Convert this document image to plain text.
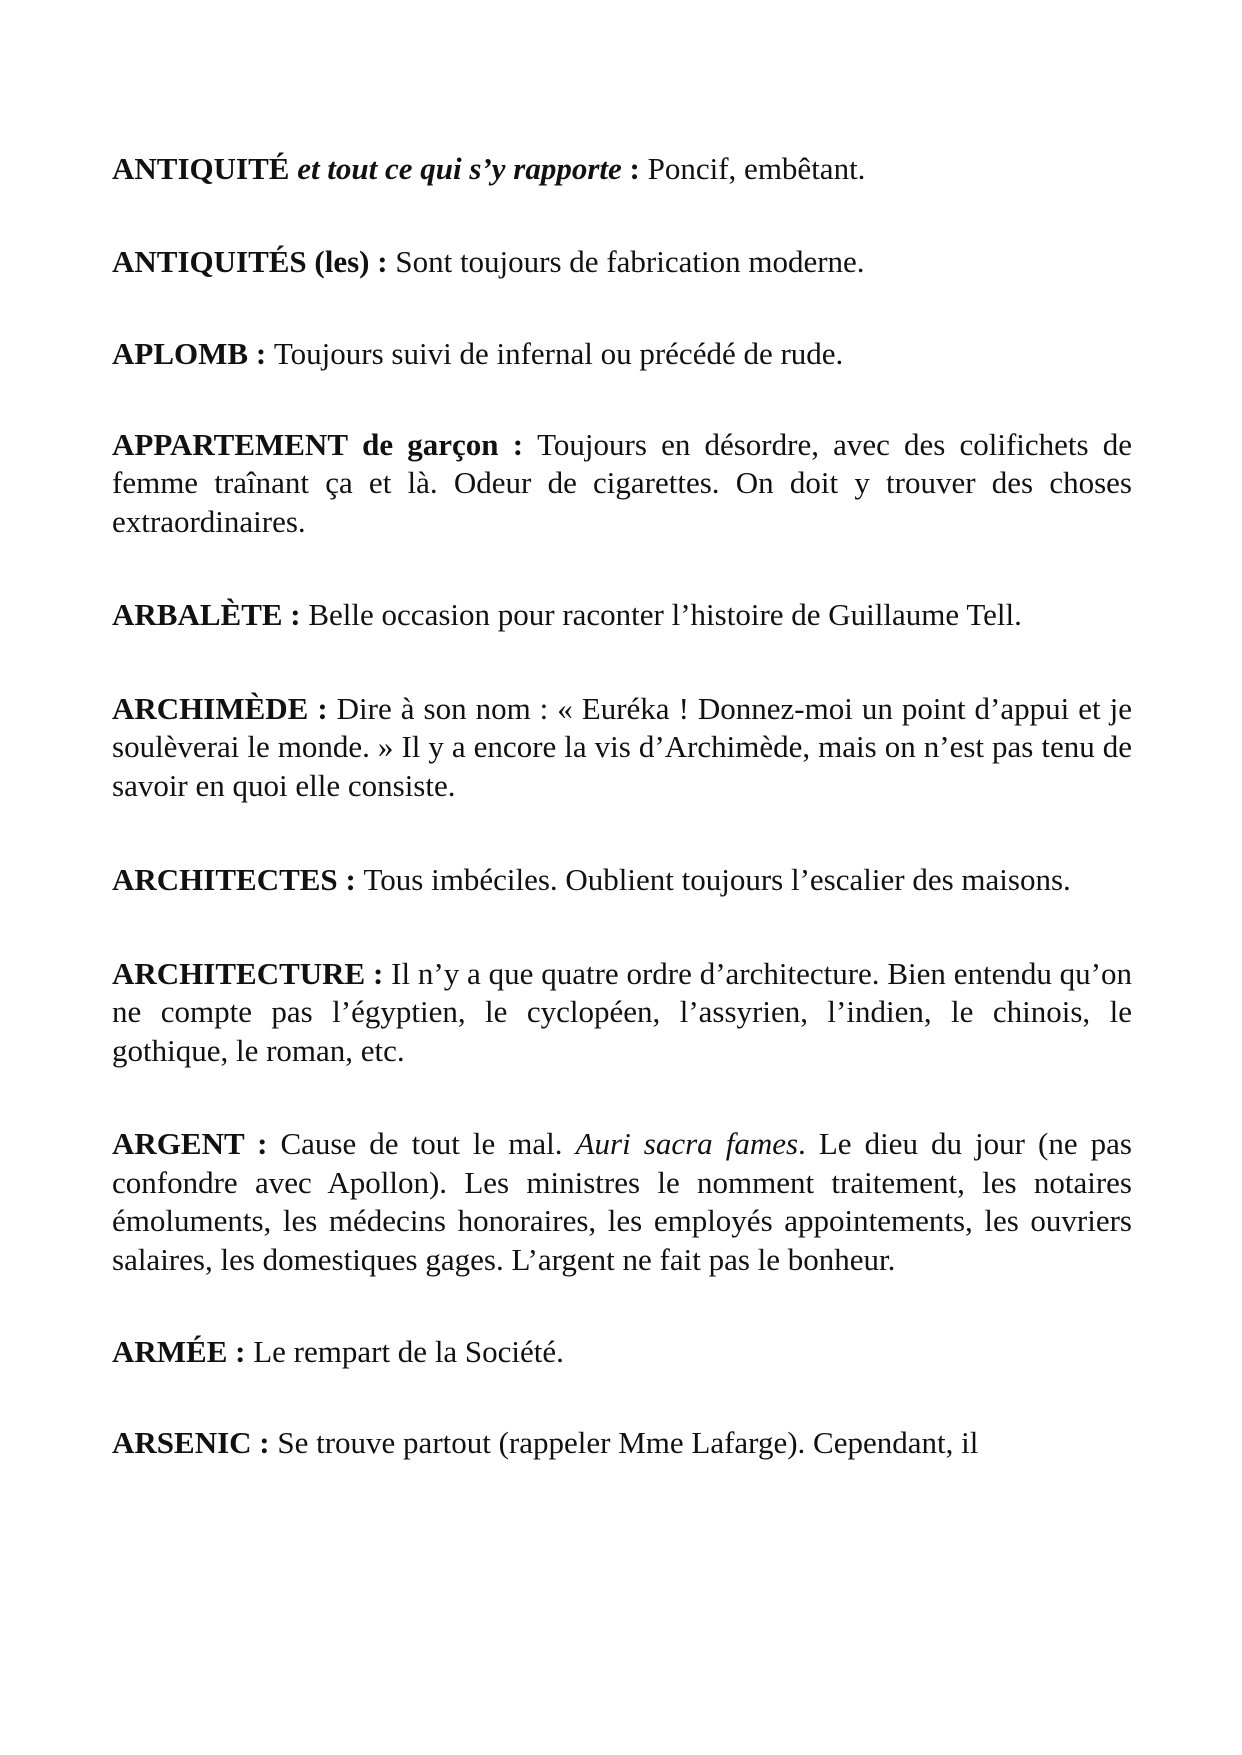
ANTIQUITÉ et tout ce qui s’y rapporte : Poncif, embêtant.

ANTIQUITÉS (les) : Sont toujours de fabrication moderne.

APLOMB : Toujours suivi de infernal ou précédé de rude.

APPARTEMENT de garçon : Toujours en désordre, avec des colifichets de femme traînant ça et là. Odeur de cigarettes. On doit y trouver des choses extraordinaires.

ARBALÈTE : Belle occasion pour raconter l’histoire de Guillaume Tell.

ARCHIMÈDE : Dire à son nom : « Euréka ! Donnez-moi un point d’appui et je soulèverai le monde. » Il y a encore la vis d’Archimède, mais on n’est pas tenu de savoir en quoi elle consiste.

ARCHITECTES : Tous imbéciles. Oublient toujours l’escalier des maisons.

ARCHITECTURE : Il n’y a que quatre ordre d’architecture. Bien entendu qu’on ne compte pas l’égyptien, le cyclopéen, l’assyrien, l’indien, le chinois, le gothique, le roman, etc.

ARGENT : Cause de tout le mal. Auri sacra fames. Le dieu du jour (ne pas confondre avec Apollon). Les ministres le nomment traitement, les notaires émoluments, les médecins honoraires, les employés appointements, les ouvriers salaires, les domestiques gages. L’argent ne fait pas le bonheur.

ARMÉE : Le rempart de la Société.

ARSENIC : Se trouve partout (rappeler Mme Lafarge). Cependant, il
